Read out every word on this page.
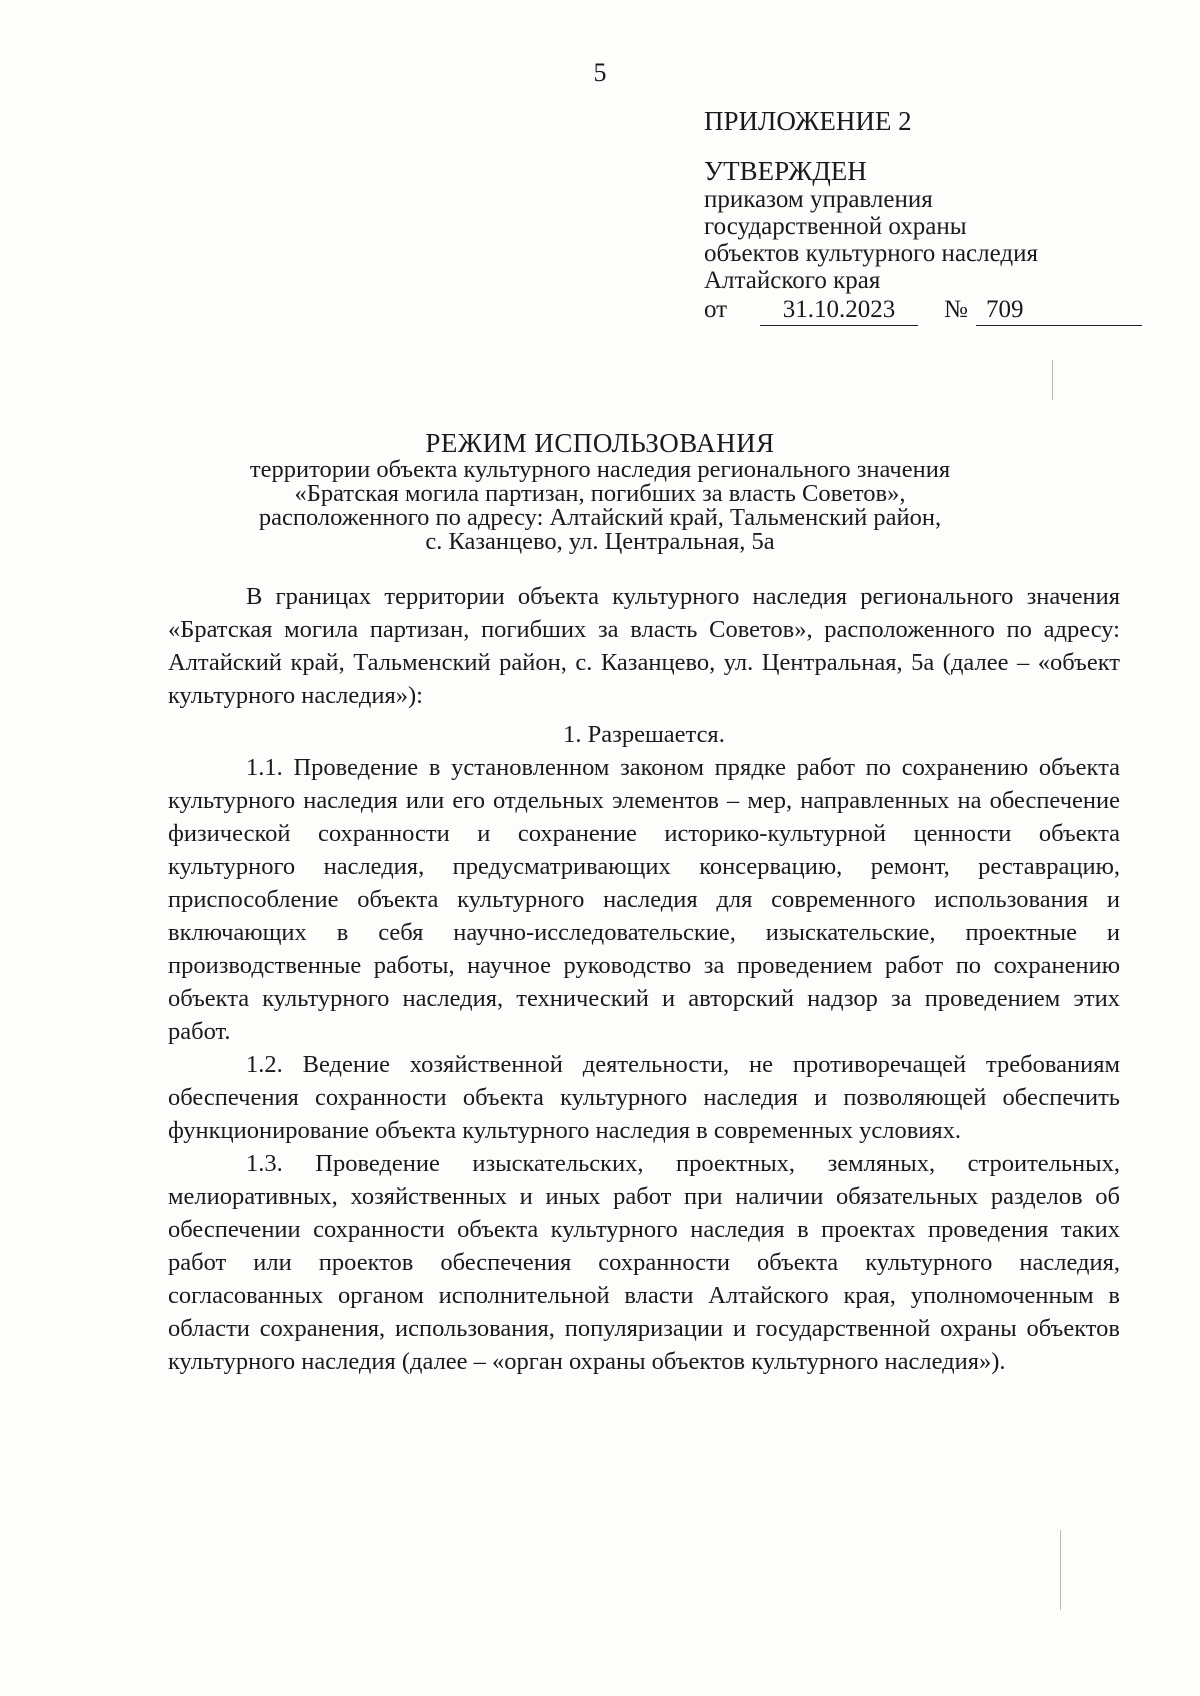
5
ПРИЛОЖЕНИЕ 2
УТВЕРЖДЕН
приказом управления
государственной охраны
объектов культурного наследия
Алтайского края
от	31.10.2023	№ 709
РЕЖИМ ИСПОЛЬЗОВАНИЯ
территории объекта культурного наследия регионального значения
«Братская могила партизан, погибших за власть Советов»,
расположенного по адресу: Алтайский край, Тальменский район,
с. Казанцево, ул. Центральная, 5а

В границах территории объекта культурного наследия регионального значения «Братская могила партизан, погибших за власть Советов», расположенного по адресу: Алтайский край, Тальменский район, с. Казанцево, ул. Центральная, 5а (далее – «объект культурного наследия»):

1. Разрешается.

1.1. Проведение в установленном законом прядке работ по сохранению объекта культурного наследия или его отдельных элементов – мер, направленных на обеспечение физической сохранности и сохранение историко-культурной ценности объекта культурного наследия, предусматривающих консервацию, ремонт, реставрацию, приспособление объекта культурного наследия для современного использования и включающих в себя научно-исследовательские, изыскательские, проектные и производственные работы, научное руководство за проведением работ по сохранению объекта культурного наследия, технический и авторский надзор за проведением этих работ.

1.2. Ведение хозяйственной деятельности, не противоречащей требованиям обеспечения сохранности объекта культурного наследия и позволяющей обеспечить функционирование объекта культурного наследия в современных условиях.

1.3. Проведение изыскательских, проектных, земляных, строительных, мелиоративных, хозяйственных и иных работ при наличии обязательных разделов об обеспечении сохранности объекта культурного наследия в проектах проведения таких работ или проектов обеспечения сохранности объекта культурного наследия, согласованных органом исполнительной власти Алтайского края, уполномоченным в области сохранения, использования, популяризации и государственной охраны объектов культурного наследия (далее – «орган охраны объектов культурного наследия»).
